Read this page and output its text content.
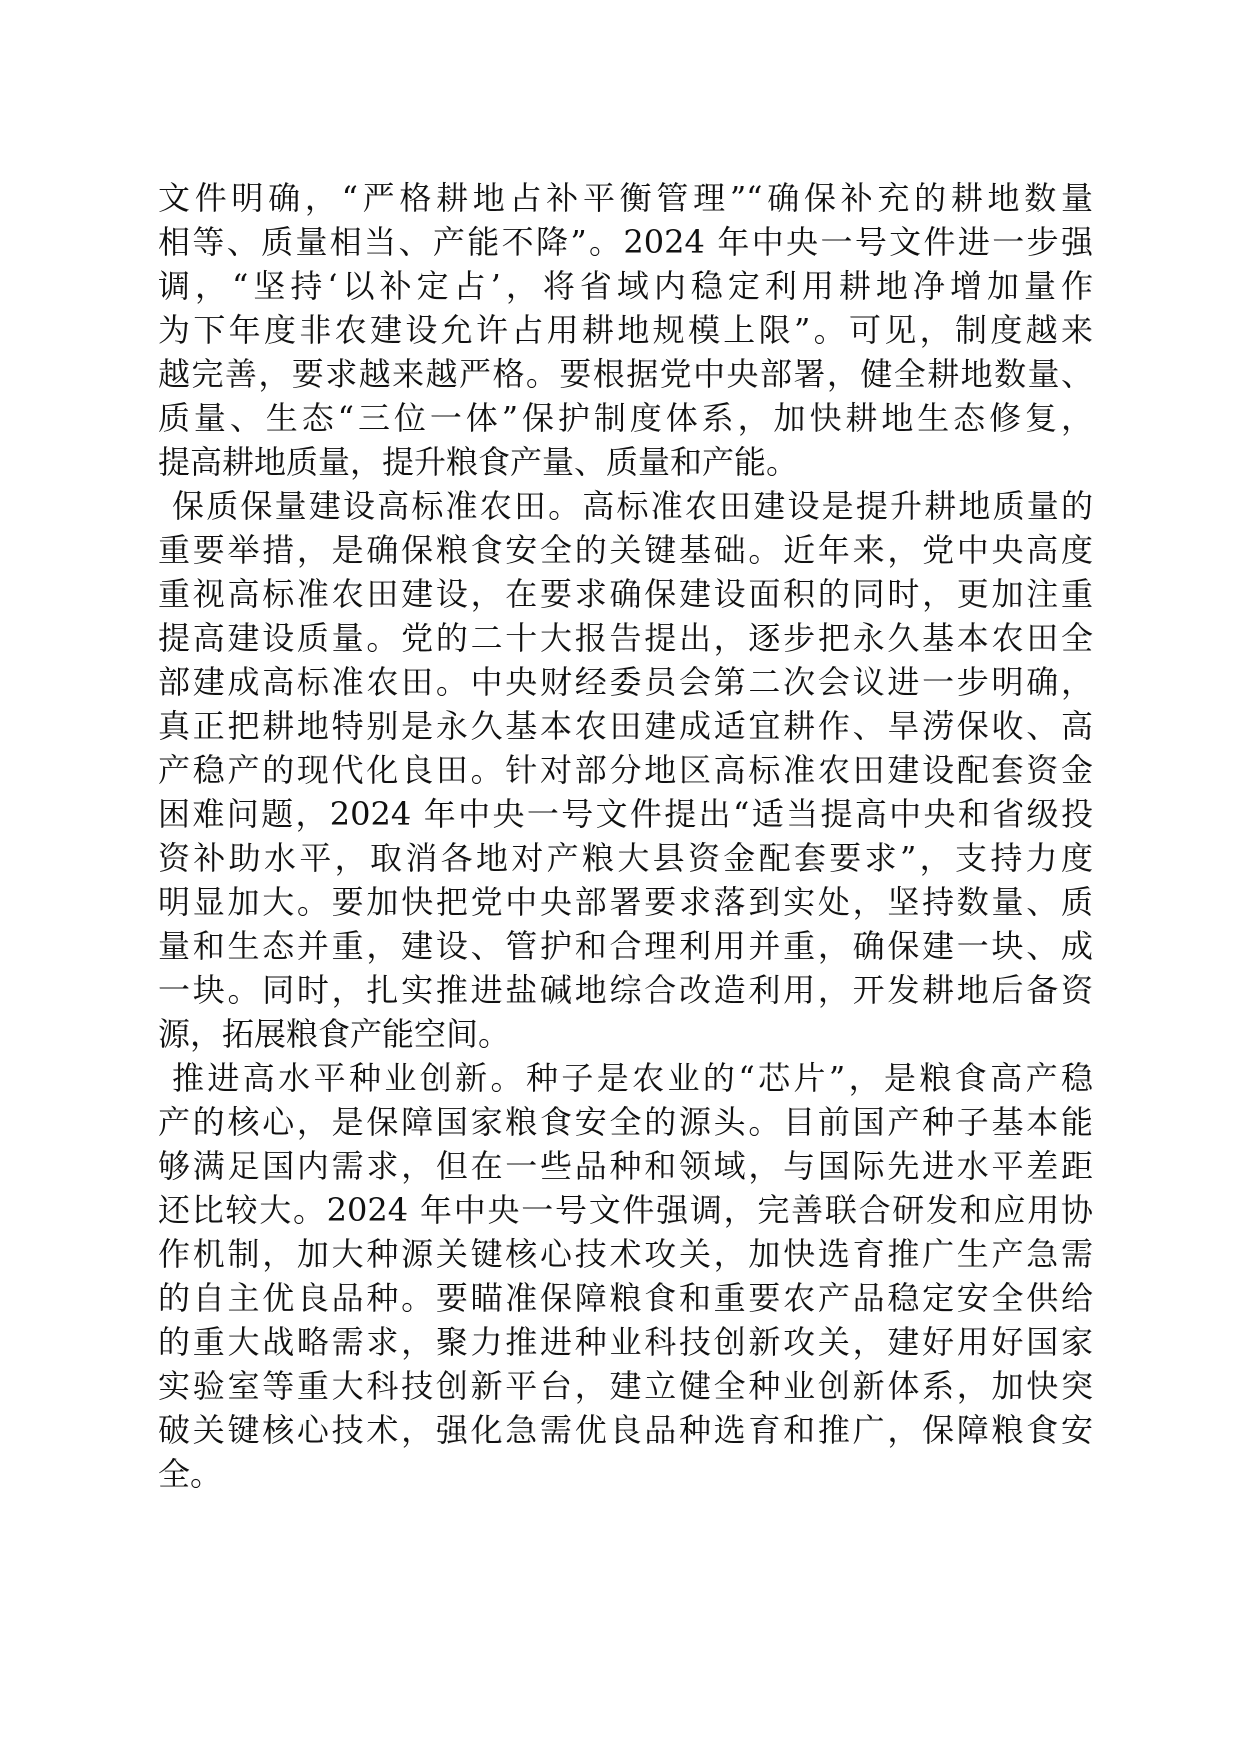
文件明确，“严格耕地占补平衡管理”“确保补充的耕地数量
相等、质量相当、产能不降”。2024 年中央一号文件进一步强
调，“坚持‘以补定占’，将省域内稳定利用耕地净增加量作
为下年度非农建设允许占用耕地规模上限”。可见，制度越来
越完善，要求越来越严格。要根据党中央部署，健全耕地数量、
质量、生态“三位一体”保护制度体系，加快耕地生态修复，
提高耕地质量，提升粮食产量、质量和产能。

保质保量建设高标准农田。高标准农田建设是提升耕地质量的
重要举措，是确保粮食安全的关键基础。近年来，党中央高度
重视高标准农田建设，在要求确保建设面积的同时，更加注重
提高建设质量。党的二十大报告提出，逐步把永久基本农田全
部建成高标准农田。中央财经委员会第二次会议进一步明确，
真正把耕地特别是永久基本农田建成适宜耕作、旱涝保收、高
产稳产的现代化良田。针对部分地区高标准农田建设配套资金
困难问题，2024 年中央一号文件提出“适当提高中央和省级投
资补助水平，取消各地对产粮大县资金配套要求”，支持力度
明显加大。要加快把党中央部署要求落到实处，坚持数量、质
量和生态并重，建设、管护和合理利用并重，确保建一块、成
一块。同时，扎实推进盐碱地综合改造利用，开发耕地后备资
源，拓展粮食产能空间。

推进高水平种业创新。种子是农业的“芯片”，是粮食高产稳
产的核心，是保障国家粮食安全的源头。目前国产种子基本能
够满足国内需求，但在一些品种和领域，与国际先进水平差距
还比较大。2024 年中央一号文件强调，完善联合研发和应用协
作机制，加大种源关键核心技术攻关，加快选育推广生产急需
的自主优良品种。要瞄准保障粮食和重要农产品稳定安全供给
的重大战略需求，聚力推进种业科技创新攻关，建好用好国家
实验室等重大科技创新平台，建立健全种业创新体系，加快突
破关键核心技术，强化急需优良品种选育和推广，保障粮食安
全。
